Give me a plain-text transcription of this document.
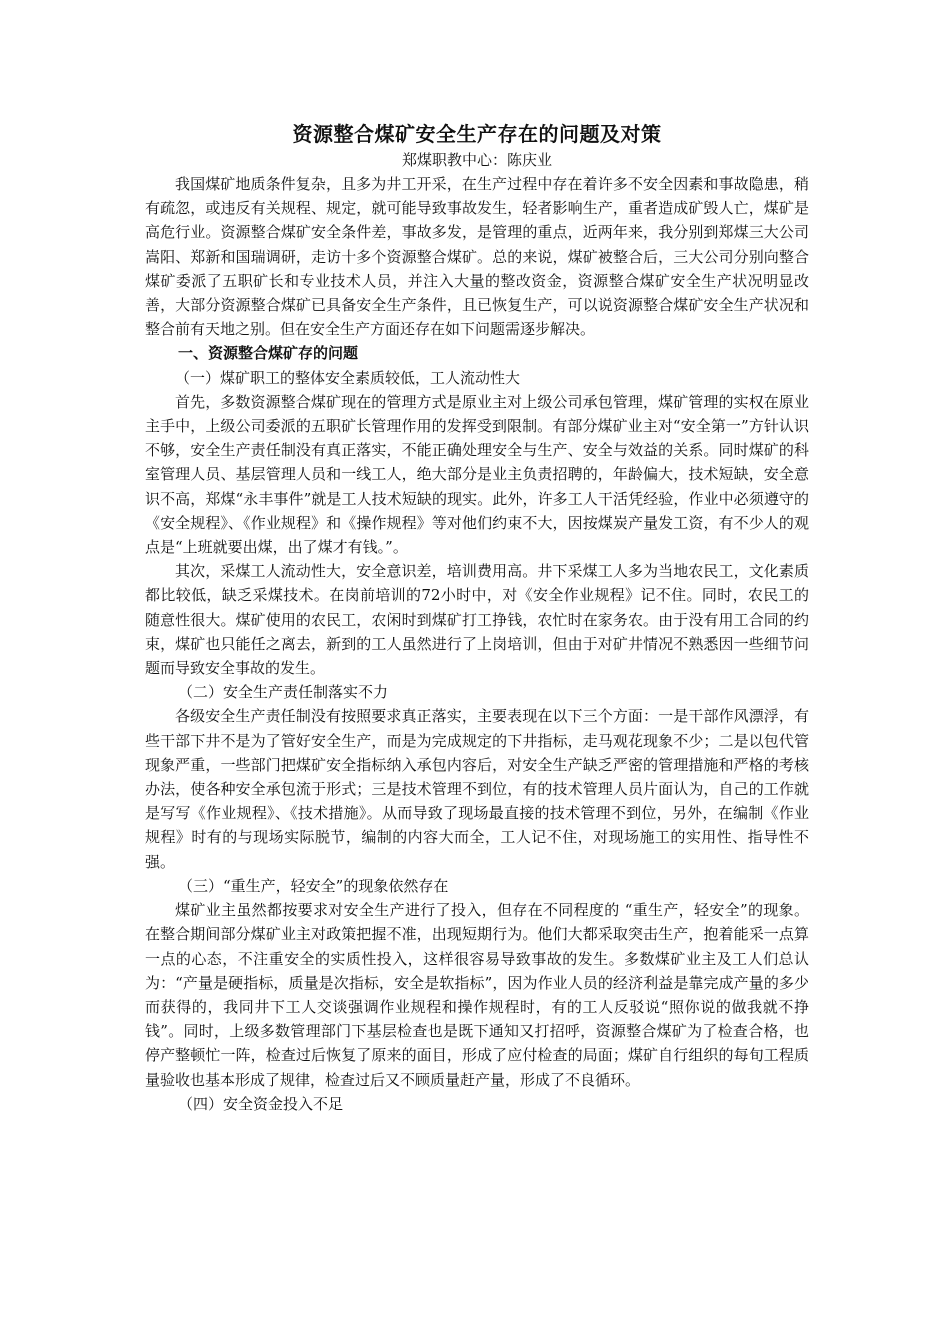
资源整合煤矿安全生产存在的问题及对策
郑煤职教中心：陈庆业

我国煤矿地质条件复杂，且多为井工开采，在生产过程中存在着许多不安全因素和事故隐患，稍有疏忽，或违反有关规程、规定，就可能导致事故发生，轻者影响生产，重者造成矿毁人亡，煤矿是高危行业。资源整合煤矿安全条件差，事故多发，是管理的重点，近两年来，我分别到郑煤三大公司嵩阳、郑新和国瑞调研，走访十多个资源整合煤矿。总的来说，煤矿被整合后，三大公司分别向整合煤矿委派了五职矿长和专业技术人员，并注入大量的整改资金，资源整合煤矿安全生产状况明显改善，大部分资源整合煤矿已具备安全生产条件，且已恢复生产，可以说资源整合煤矿安全生产状况和整合前有天地之别。但在安全生产方面还存在如下问题需逐步解决。

一、资源整合煤矿存的问题

（一）煤矿职工的整体安全素质较低，工人流动性大

首先，多数资源整合煤矿现在的管理方式是原业主对上级公司承包管理，煤矿管理的实权在原业主手中，上级公司委派的五职矿长管理作用的发挥受到限制。有部分煤矿业主对“安全第一”方针认识不够，安全生产责任制没有真正落实，不能正确处理安全与生产、安全与效益的关系。同时煤矿的科室管理人员、基层管理人员和一线工人，绝大部分是业主负责招聘的，年龄偏大，技术短缺，安全意识不高，郑煤“永丰事件”就是工人技术短缺的现实。此外，许多工人干活凭经验，作业中必须遵守的《安全规程》、《作业规程》和《操作规程》等对他们约束不大，因按煤炭产量发工资，有不少人的观点是“上班就要出煤，出了煤才有钱。”。

其次，采煤工人流动性大，安全意识差，培训费用高。井下采煤工人多为当地农民工，文化素质都比较低，缺乏采煤技术。在岗前培训的72小时中，对《安全作业规程》记不住。同时，农民工的随意性很大。煤矿使用的农民工，农闲时到煤矿打工挣钱，农忙时在家务农。由于没有用工合同的约束，煤矿也只能任之离去，新到的工人虽然进行了上岗培训，但由于对矿井情况不熟悉因一些细节问题而导致安全事故的发生。

（二）安全生产责任制落实不力

各级安全生产责任制没有按照要求真正落实，主要表现在以下三个方面：一是干部作风漂浮，有些干部下井不是为了管好安全生产，而是为完成规定的下井指标，走马观花现象不少；二是以包代管现象严重，一些部门把煤矿安全指标纳入承包内容后，对安全生产缺乏严密的管理措施和严格的考核办法，使各种安全承包流于形式；三是技术管理不到位，有的技术管理人员片面认为，自己的工作就是写写《作业规程》、《技术措施》。从而导致了现场最直接的技术管理不到位，另外，在编制《作业规程》时有的与现场实际脱节，编制的内容大而全，工人记不住，对现场施工的实用性、指导性不强。

（三）“重生产，轻安全”的现象依然存在

煤矿业主虽然都按要求对安全生产进行了投入，但存在不同程度的 “重生产，轻安全”的现象。在整合期间部分煤矿业主对政策把握不准，出现短期行为。他们大都采取突击生产，抱着能采一点算一点的心态，不注重安全的实质性投入，这样很容易导致事故的发生。多数煤矿业主及工人们总认为：“产量是硬指标，质量是次指标，安全是软指标”，因为作业人员的经济利益是靠完成产量的多少而获得的，我同井下工人交谈强调作业规程和操作规程时，有的工人反驳说“照你说的做我就不挣钱”。同时，上级多数管理部门下基层检查也是既下通知又打招呼，资源整合煤矿为了检查合格，也停产整顿忙一阵，检查过后恢复了原来的面目，形成了应付检查的局面；煤矿自行组织的每旬工程质量验收也基本形成了规律，检查过后又不顾质量赶产量，形成了不良循环。

（四）安全资金投入不足
